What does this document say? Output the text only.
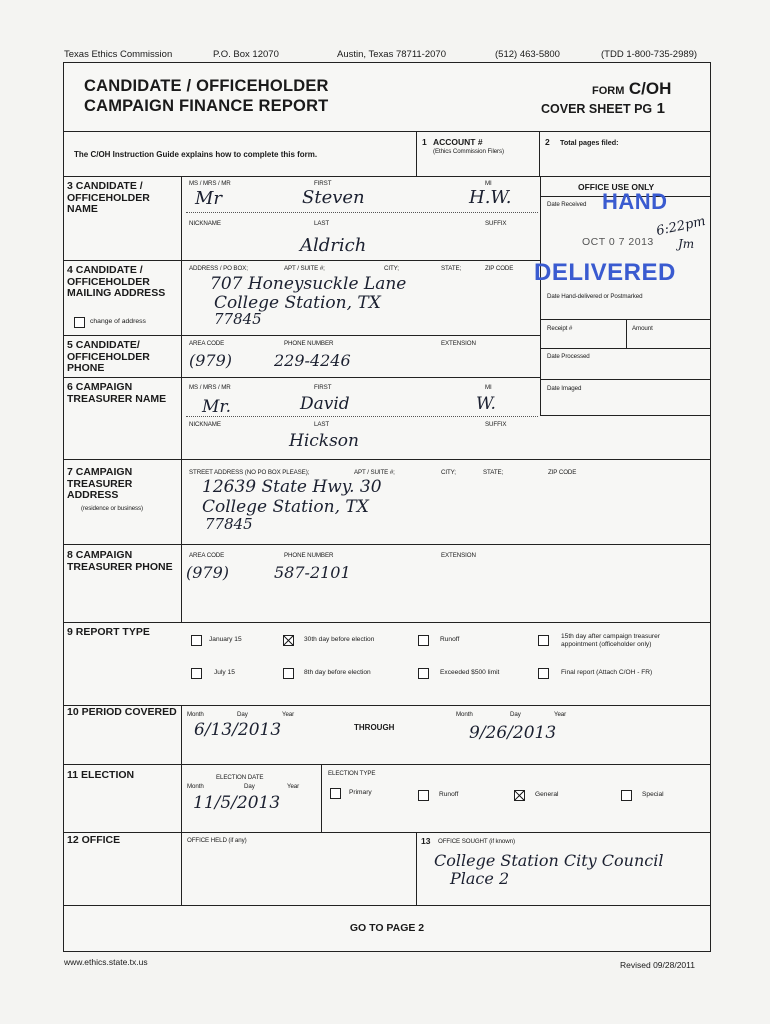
Texas Ethics Commission	P.O. Box 12070	Austin, Texas 78711-2070	(512) 463-5800	(TDD 1-800-735-2989)
CANDIDATE / OFFICEHOLDER
CAMPAIGN FINANCE REPORT
FORM C/OH
COVER SHEET PG 1
The C/OH Instruction Guide explains how to complete this form.
1 ACCOUNT #
(Ethics Commission Filers)
2 Total pages filed:
OFFICE USE ONLY
Date Received
Date Hand-delivered or Postmarked
Receipt #	Amount
Date Processed
Date Imaged
HAND
DELIVERED
OCT 0 7 2013
6:22pm
Jm
3 CANDIDATE / OFFICEHOLDER NAME
MS / MRS / MR	FIRST	MI
Mr	Steven	H.W.
NICKNAME	LAST	SUFFIX
Aldrich
4 CANDIDATE / OFFICEHOLDER MAILING ADDRESS
change of address
ADDRESS / PO BOX;	APT / SUITE #;	CITY;	STATE;	ZIP CODE
707 Honeysuckle Lane
College Station, TX
77845
5 CANDIDATE/ OFFICEHOLDER PHONE
AREA CODE	PHONE NUMBER	EXTENSION
(979)	229-4246
6 CAMPAIGN TREASURER NAME
MS / MRS / MR	FIRST	MI
Mr.	David	W.
NICKNAME	LAST	SUFFIX
Hickson
7 CAMPAIGN TREASURER ADDRESS
(residence or business)
STREET ADDRESS (NO PO BOX PLEASE);	APT / SUITE #;	CITY;	STATE;	ZIP CODE
12639 State Hwy. 30
College Station, TX
77845
8 CAMPAIGN TREASURER PHONE
AREA CODE	PHONE NUMBER	EXTENSION
(979)	587-2101
9 REPORT TYPE
January 15	30th day before election	Runoff	15th day after campaign treasurer appointment (officeholder only)
July 15	8th day before election	Exceeded $500 limit	Final report (Attach C/OH - FR)
10 PERIOD COVERED	Month	Day	Year
6/13/2013	THROUGH
Month	Day	Year
9/26/2013
11 ELECTION	ELECTION DATE
Month	Day	Year
11/5/2013
ELECTION TYPE
Primary	Runoff	General	Special
12 OFFICE	OFFICE HELD (if any)	13 OFFICE SOUGHT (if known)
College Station City Council
Place 2
GO TO PAGE 2
www.ethics.state.tx.us	Revised 09/28/2011
